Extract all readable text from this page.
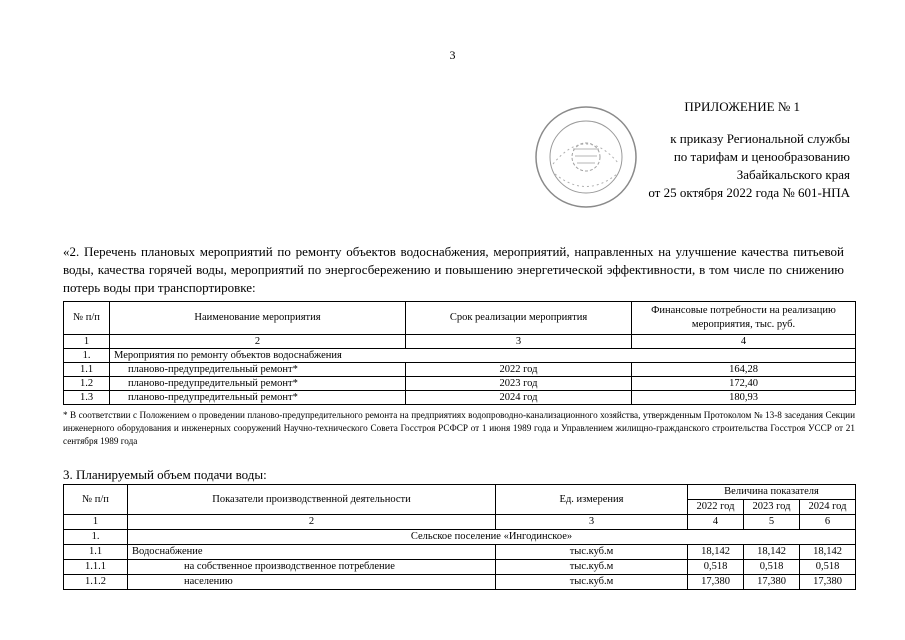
3
ПРИЛОЖЕНИЕ № 1
к приказу Региональной службы
по тарифам и ценообразованию
Забайкальского края
от 25 октября 2022 года № 601-НПА
«2. Перечень плановых мероприятий по ремонту объектов водоснабжения, мероприятий, направленных на улучшение качества питьевой воды, качества горячей воды, мероприятий по энергосбережению и повышению энергетической эффективности, в том числе по снижению потерь воды при транспортировке:
№ п/п	Наименование мероприятия	Срок реализации мероприятия	Финансовые потребности на реализацию мероприятия, тыс. руб.
1	2	3	4
1.	Мероприятия по ремонту объектов водоснабжения		
1.1	планово-предупредительный ремонт*	2022 год	164,28
1.2	планово-предупредительный ремонт*	2023 год	172,40
1.3	планово-предупредительный ремонт*	2024 год	180,93
* В соответствии с Положением о проведении планово-предупредительного ремонта на предприятиях водопроводно-канализационного хозяйства, утвержденным Протоколом № 13-8 заседания Секции инженерного оборудования и инженерных сооружений Научно-технического Совета Госстроя РСФСР от 1 июня 1989 года и Управлением жилищно-гражданского строительства Госстроя УССР от 21 сентября 1989 года
3. Планируемый объем подачи воды:
№ п/п	Показатели производственной деятельности	Ед. измерения	Величина показателя		
			2022 год	2023 год	2024 год
1	2	3	4	5	6
1.	Сельское поселение «Ингодинское»				
1.1	Водоснабжение	тыс.куб.м	18,142	18,142	18,142
1.1.1	на собственное производственное потребление	тыс.куб.м	0,518	0,518	0,518
1.1.2	населению	тыс.куб.м	17,380	17,380	17,380
